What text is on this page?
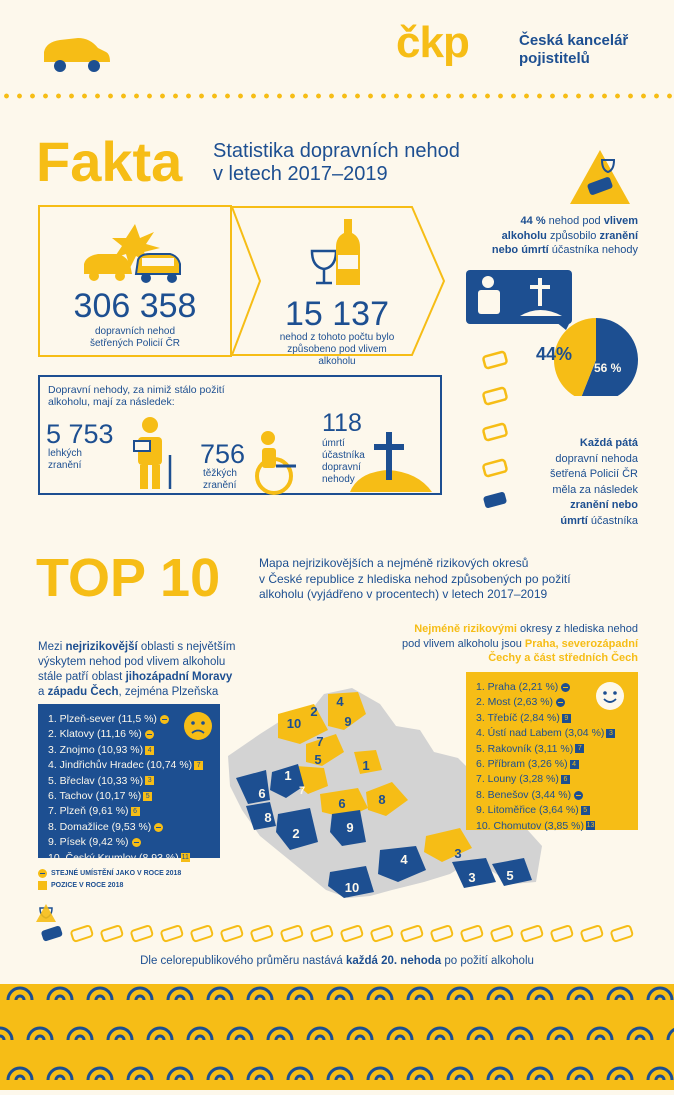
čkp	Česká kancelář
pojistitelů
Fakta Statistika dopravních nehod
v letech 2017–2019
306 358
dopravních nehod
šetřených Policií ČR
15 137
nehod z tohoto počtu bylo
způsobeno pod vlivem
alkoholu
Dopravní nehody, za nimiž stálo požití
alkoholu, mají za následek:
5 753
lehkých
zranění	756
těžkých
zranění
118
úmrtí
účastníka
dopravní
nehody
44 % nehod pod vlivem
alkoholu způsobilo zranění
nebo úmrtí účastníka nehody
44%
56 %
Každá pátá
dopravní nehoda
šetřená Policií ČR
měla za následek
zranění nebo
úmrtí účastníka
TOP 10	Mapa nejrizikovějších a nejméně rizikových okresů
v České republice z hlediska nehod způsobených po požití
alkoholu (vyjádřeno v procentech) v letech 2017–2019
Mezi nejrizikovější oblasti s největším
výskytem nehod pod vlivem alkoholu
stále patří oblast jihozápadní Moravy
a západu Čech, zejména Plzeňska
Nejméně rizikovými okresy z hlediska nehod
pod vlivem alkoholu jsou Praha, severozápadní
Čechy a část středních Čech
10
2
4
9
7
5	1
6	8
3
1
6
8
2	9
4
3 5
10
7
1. Plzeň-sever (11,5 %)
2. Klatovy (11,16 %)
3. Znojmo (10,93 %) 4
4. Jindřichův Hradec (10,74 %) 7
5. Břeclav (10,33 %) 3
6. Tachov (10,17 %) 5
7. Plzeň (9,61 %) 6
8. Domažlice (9,53 %)
9. Písek (9,42 %)
10. Český Krumlov (8,93 %) 11
1. Praha (2,21 %)
2. Most (2,63 %)
3. Třebíč (2,84 %) 9
4. Ústí nad Labem (3,04 %) 3
5. Rakovník (3,11 %) 7
6. Příbram (3,26 %) 4
7. Louny (3,28 %) 6
8. Benešov (3,44 %)
9. Litoměřice (3,64 %) 5
10. Chomutov (3,85 %) 13
STEJNÉ UMÍSTĚNÍ JAKO V ROCE 2018
POZICE V ROCE 2018
Dle celorepublikového průměru nastává každá 20. nehoda po požití alkoholu
